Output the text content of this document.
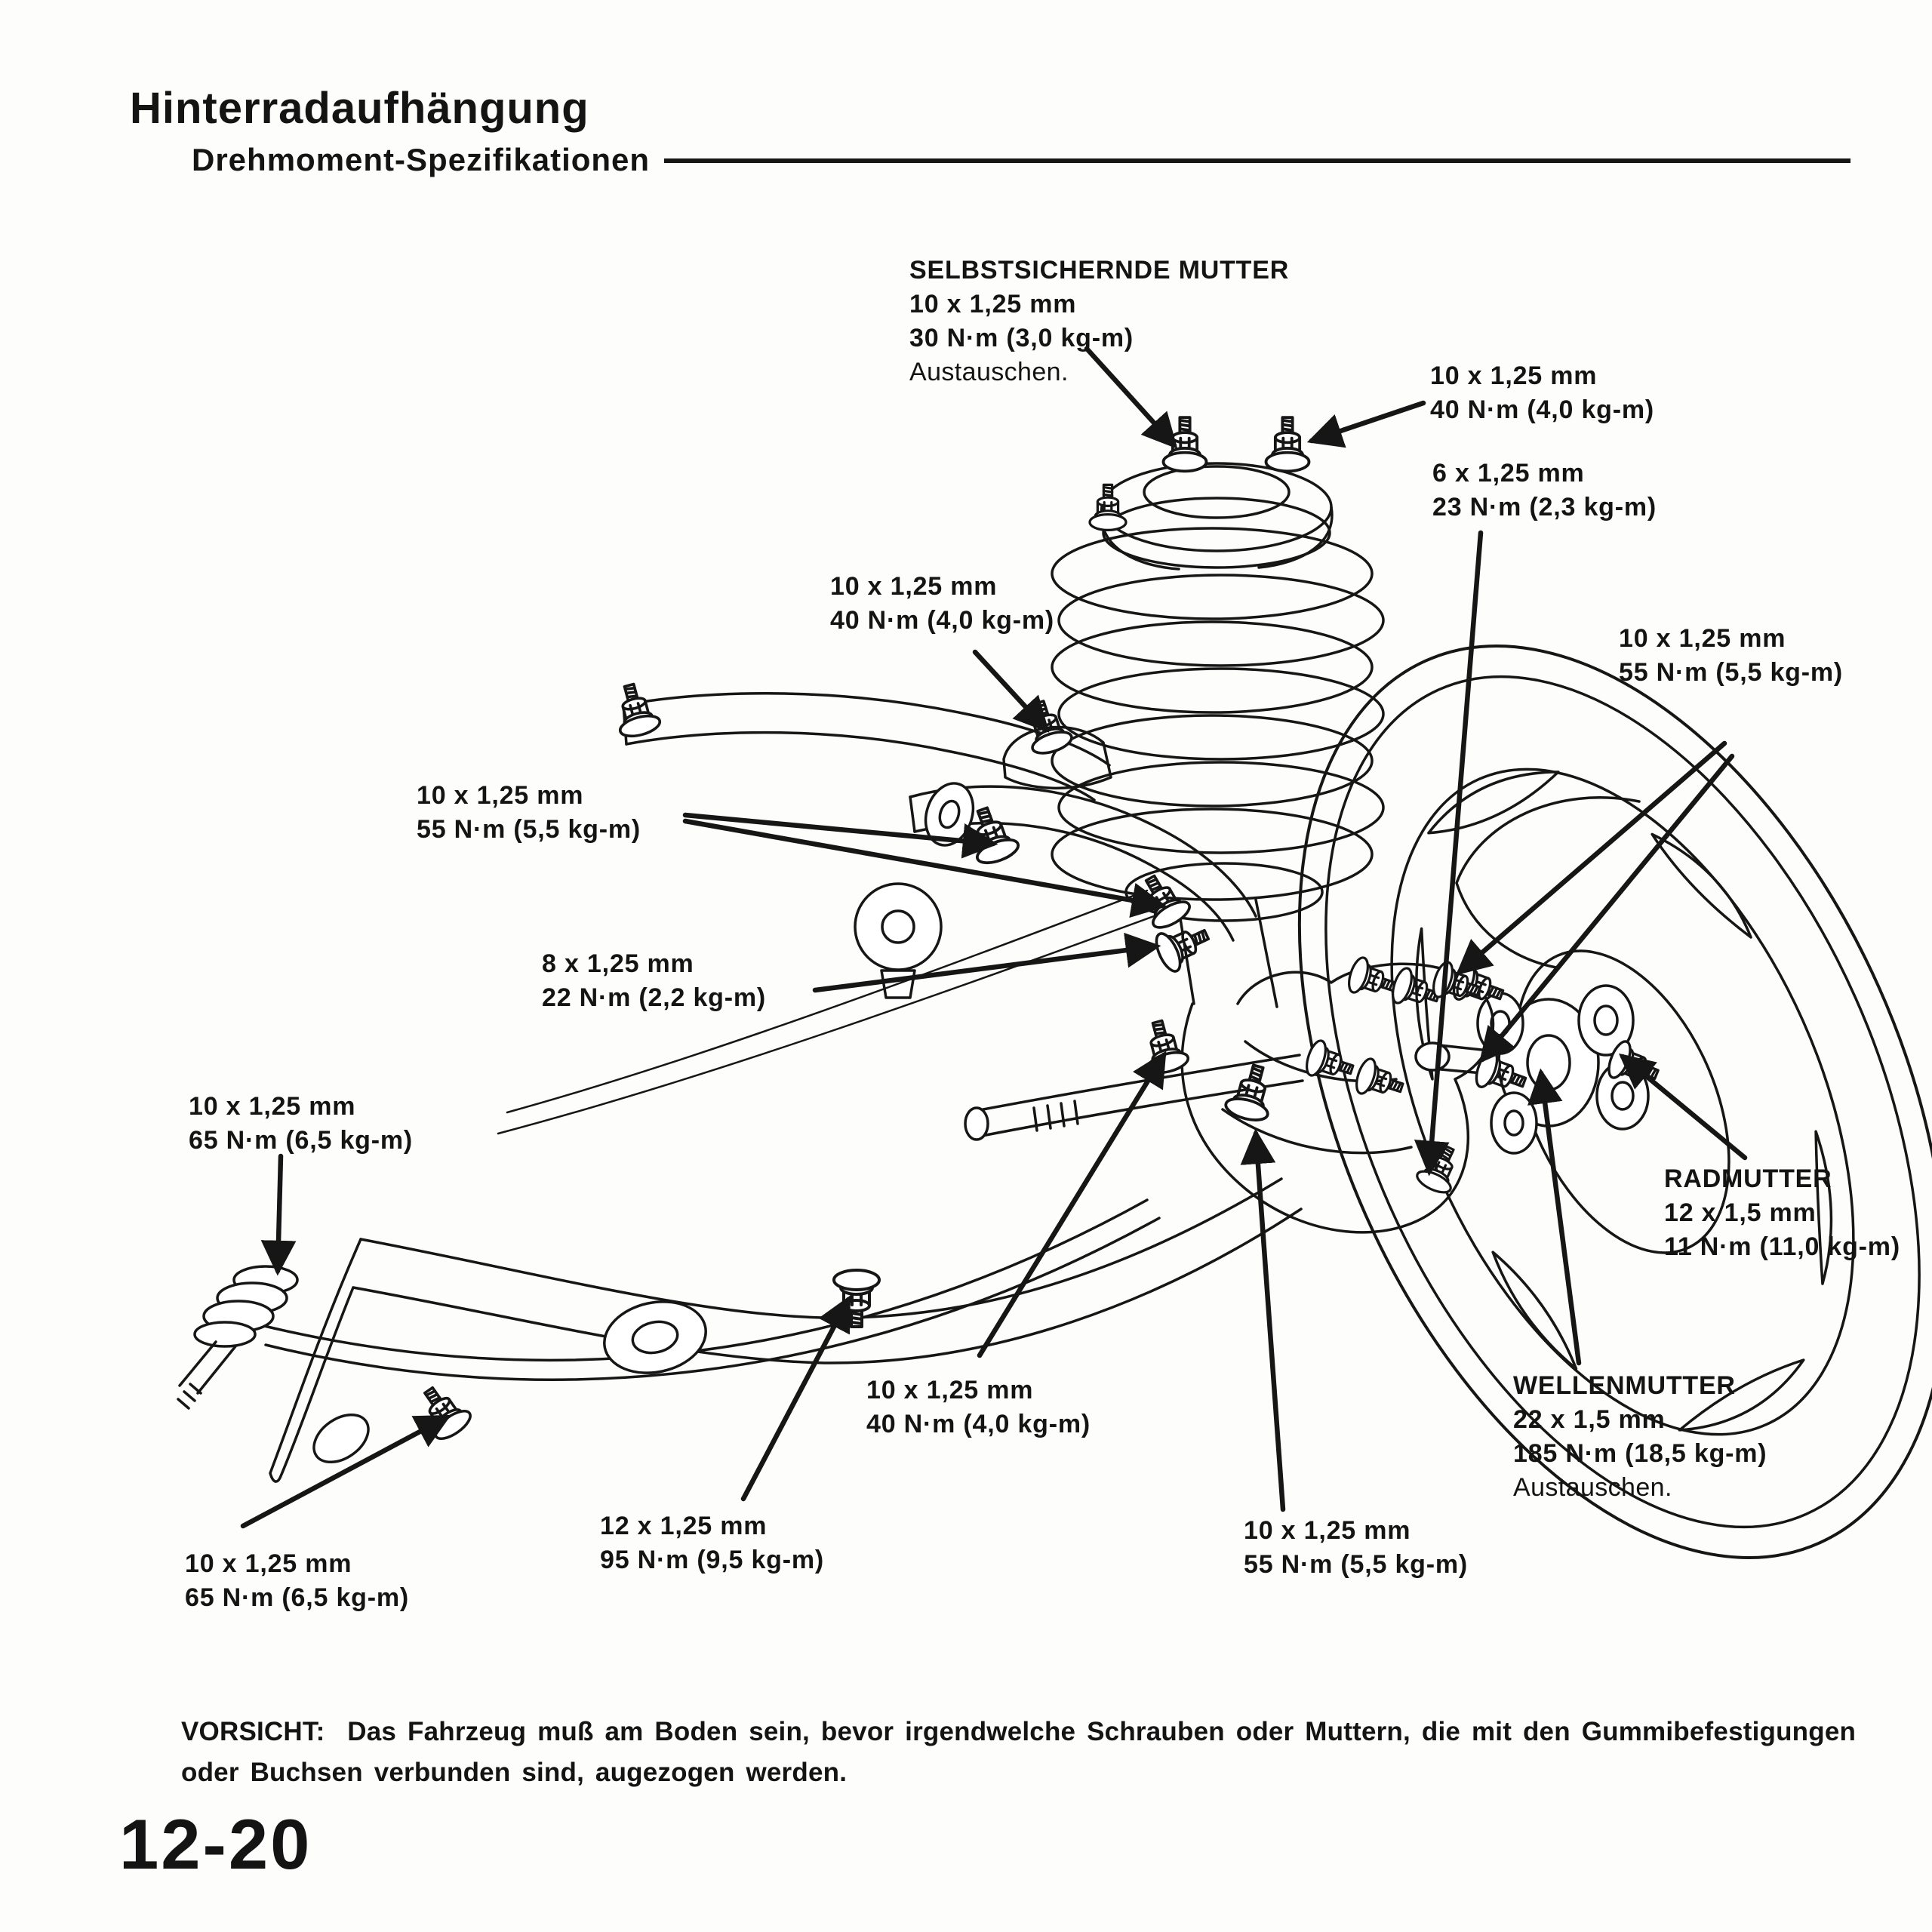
Hinterradaufhängung
Drehmoment-Spezifikationen
SELBSTSICHERNDE MUTTER
10 x 1,25 mm
30 N·m (3,0 kg-m)
Austauschen.	10 x 1,25 mm
40 N·m (4,0 kg-m)
6 x 1,25 mm
23 N·m (2,3 kg-m)
10 x 1,25 mm
40 N·m (4,0 kg-m)
10 x 1,25 mm
55 N·m (5,5 kg-m)
10 x 1,25 mm
55 N·m (5,5 kg-m)
8 x 1,25 mm
22 N·m (2,2 kg-m)
10 x 1,25 mm
65 N·m (6,5 kg-m)
RADMUTTER
12 x 1,5 mm
11 N·m (11,0 kg-m)
WELLENMUTTER
22 x 1,5 mm
185 N·m (18,5 kg-m)
Austauschen.
10 x 1,25 mm
40 N·m (4,0 kg-m)
12 x 1,25 mm
95 N·m (9,5 kg-m)
10 x 1,25 mm
55 N·m (5,5 kg-m)
10 x 1,25 mm
65 N·m (6,5 kg-m)
VORSICHT: Das Fahrzeug muß am Boden sein, bevor irgendwelche Schrauben oder Muttern, die mit den Gummibefestigungen
oder Buchsen verbunden sind, augezogen werden.
12-20
